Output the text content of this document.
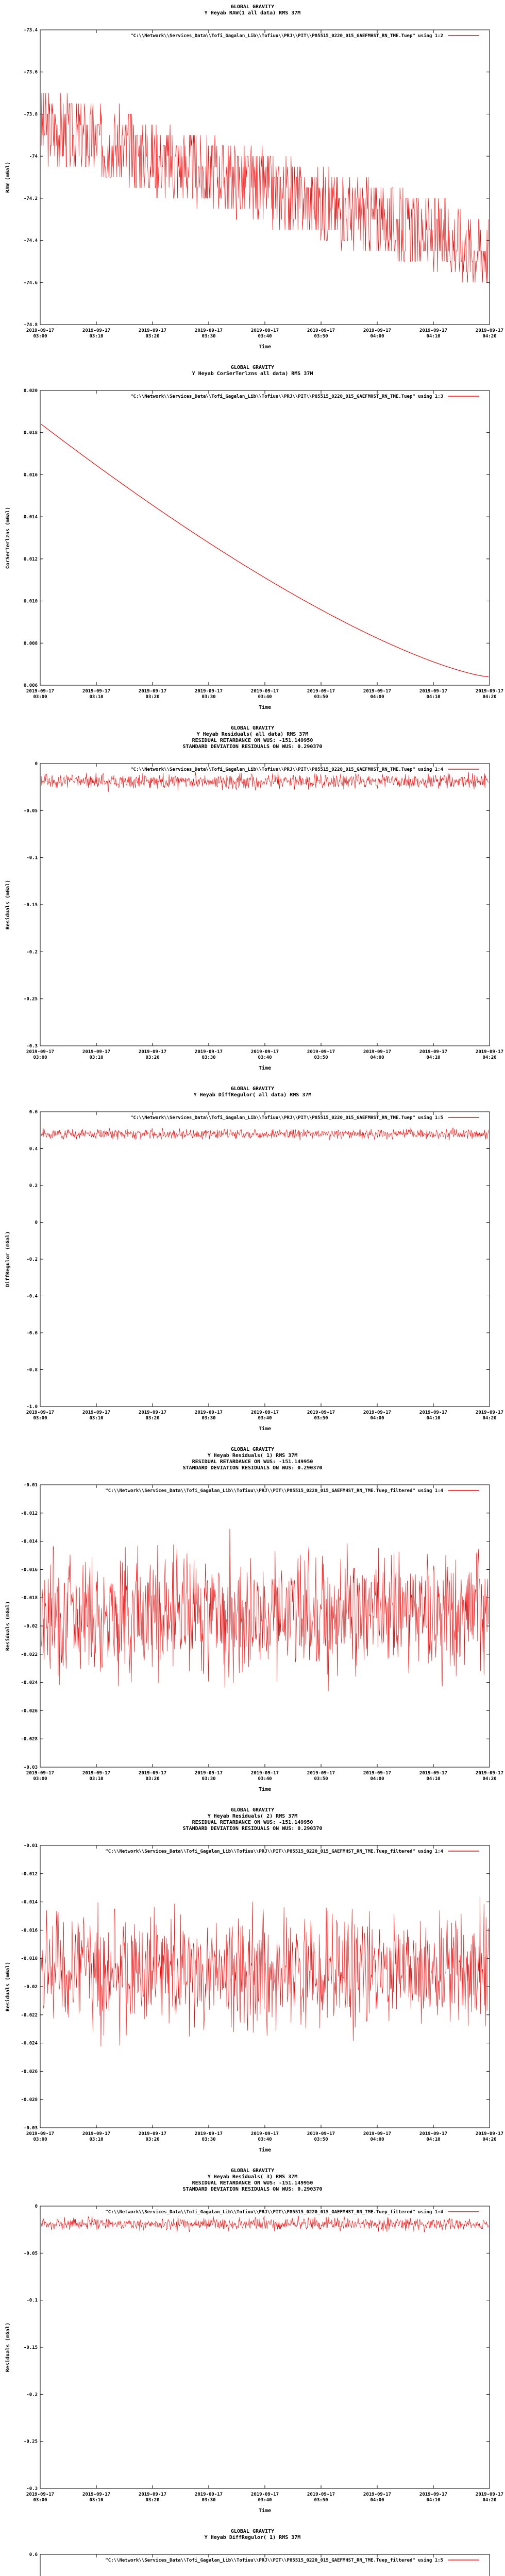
GLOBAL GRAVITY
Y Heyab RAW(1 all data) RMS 37M
"C:\\Network\\Services_Data\\Tofi_Gagalan_Lib\\Tofiuu\\PRJ\\PIT\\P85515_0220_015_GAEFMHST_RN_TME.Tuep" using 1:2
-73.4
-73.6
-73.8
-74
-74.2
-74.4
-74.6
-74.8
2019-09-17 03:00
2019-09-17 03:10
2019-09-17 03:20
2019-09-17 03:30
2019-09-17 03:40
2019-09-17 03:50
2019-09-17 04:00
2019-09-17 04:10
2019-09-17 04:20
Time
RAW (mGal)
GLOBAL GRAVITY
Y Heyab CorSerTerlzns all data) RMS 37M
"C:\\Network\\Services_Data\\Tofi_Gagalan_Lib\\Tofiuu\\PRJ\\PIT\\P85515_0220_015_GAEFMHST_RN_TME.Tuep" using 1:3
0.020
0.018
0.016
0.014
0.012
0.010
0.008
0.006
2019-09-17 03:00
2019-09-17 03:10
2019-09-17 03:20
2019-09-17 03:30
2019-09-17 03:40
2019-09-17 03:50
2019-09-17 04:00
2019-09-17 04:10
2019-09-17 04:20
Time
CorSerTerlzns (mGal)
GLOBAL GRAVITY
Y Heyab Residuals( all data) RMS 37M
RESIDUAL RETARDANCE ON WUS: -151.149950
STANDARD DEVIATION RESIDUALS ON WUS: 0.290370
"C:\\Network\\Services_Data\\Tofi_Gagalan_Lib\\Tofiuu\\PRJ\\PIT\\P85515_0220_015_GAEFMHST_RN_TME.Tuep" using 1:4
0
-0.05
-0.1
-0.15
-0.2
-0.25
-0.3
2019-09-17 03:00
2019-09-17 03:10
2019-09-17 03:20
2019-09-17 03:30
2019-09-17 03:40
2019-09-17 03:50
2019-09-17 04:00
2019-09-17 04:10
2019-09-17 04:20
Time
Residuals (mGal)
GLOBAL GRAVITY
Y Heyab DiffRegulor( all data) RMS 37M
"C:\\Network\\Services_Data\\Tofi_Gagalan_Lib\\Tofiuu\\PRJ\\PIT\\P85515_0220_015_GAEFMHST_RN_TME.Tuep" using 1:5
0.6
0.4
0.2
0
-0.2
-0.4
-0.6
-0.8
-1.0
2019-09-17 03:00
2019-09-17 03:10
2019-09-17 03:20
2019-09-17 03:30
2019-09-17 03:40
2019-09-17 03:50
2019-09-17 04:00
2019-09-17 04:10
2019-09-17 04:20
Time
DiffRegulor (mGal)
GLOBAL GRAVITY
Y Heyab Residuals( 1) RMS 37M
RESIDUAL RETARDANCE ON WUS: -151.149950
STANDARD DEVIATION RESIDUALS ON WUS: 0.290370
"C:\\Network\\Services_Data\\Tofi_Gagalan_Lib\\Tofiuu\\PRJ\\PIT\\P85515_0220_015_GAEFMHST_RN_TME.Tuep_filtered" using 1:4
-0.01
-0.012
-0.014
-0.016
-0.018
-0.02
-0.022
-0.024
-0.026
-0.028
-0.03
2019-09-17 03:00
2019-09-17 03:10
2019-09-17 03:20
2019-09-17 03:30
2019-09-17 03:40
2019-09-17 03:50
2019-09-17 04:00
2019-09-17 04:10
2019-09-17 04:20
Time
Residuals (mGal)
GLOBAL GRAVITY
Y Heyab Residuals( 2) RMS 37M
RESIDUAL RETARDANCE ON WUS: -151.149950
STANDARD DEVIATION RESIDUALS ON WUS: 0.290370
"C:\\Network\\Services_Data\\Tofi_Gagalan_Lib\\Tofiuu\\PRJ\\PIT\\P85515_0220_015_GAEFMHST_RN_TME.Tuep_filtered" using 1:4
-0.01
-0.012
-0.014
-0.016
-0.018
-0.02
-0.022
-0.024
-0.026
-0.028
-0.03
2019-09-17 03:00
2019-09-17 03:10
2019-09-17 03:20
2019-09-17 03:30
2019-09-17 03:40
2019-09-17 03:50
2019-09-17 04:00
2019-09-17 04:10
2019-09-17 04:20
Time
Residuals (mGal)
GLOBAL GRAVITY
Y Heyab Residuals( 3) RMS 37M
RESIDUAL RETARDANCE ON WUS: -151.149950
STANDARD DEVIATION RESIDUALS ON WUS: 0.290370
"C:\\Network\\Services_Data\\Tofi_Gagalan_Lib\\Tofiuu\\PRJ\\PIT\\P85515_0220_015_GAEFMHST_RN_TME.Tuep_filtered" using 1:4
0
-0.05
-0.1
-0.15
-0.2
-0.25
-0.3
2019-09-17 03:00
2019-09-17 03:10
2019-09-17 03:20
2019-09-17 03:30
2019-09-17 03:40
2019-09-17 03:50
2019-09-17 04:00
2019-09-17 04:10
2019-09-17 04:20
Time
Residuals (mGal)
GLOBAL GRAVITY
Y Heyab DiffRegulor( 1) RMS 37M
"C:\\Network\\Services_Data\\Tofi_Gagalan_Lib\\Tofiuu\\PRJ\\PIT\\P85515_0220_015_GAEFMHST_RN_TME.Tuep_filtered" using 1:5
0.6
